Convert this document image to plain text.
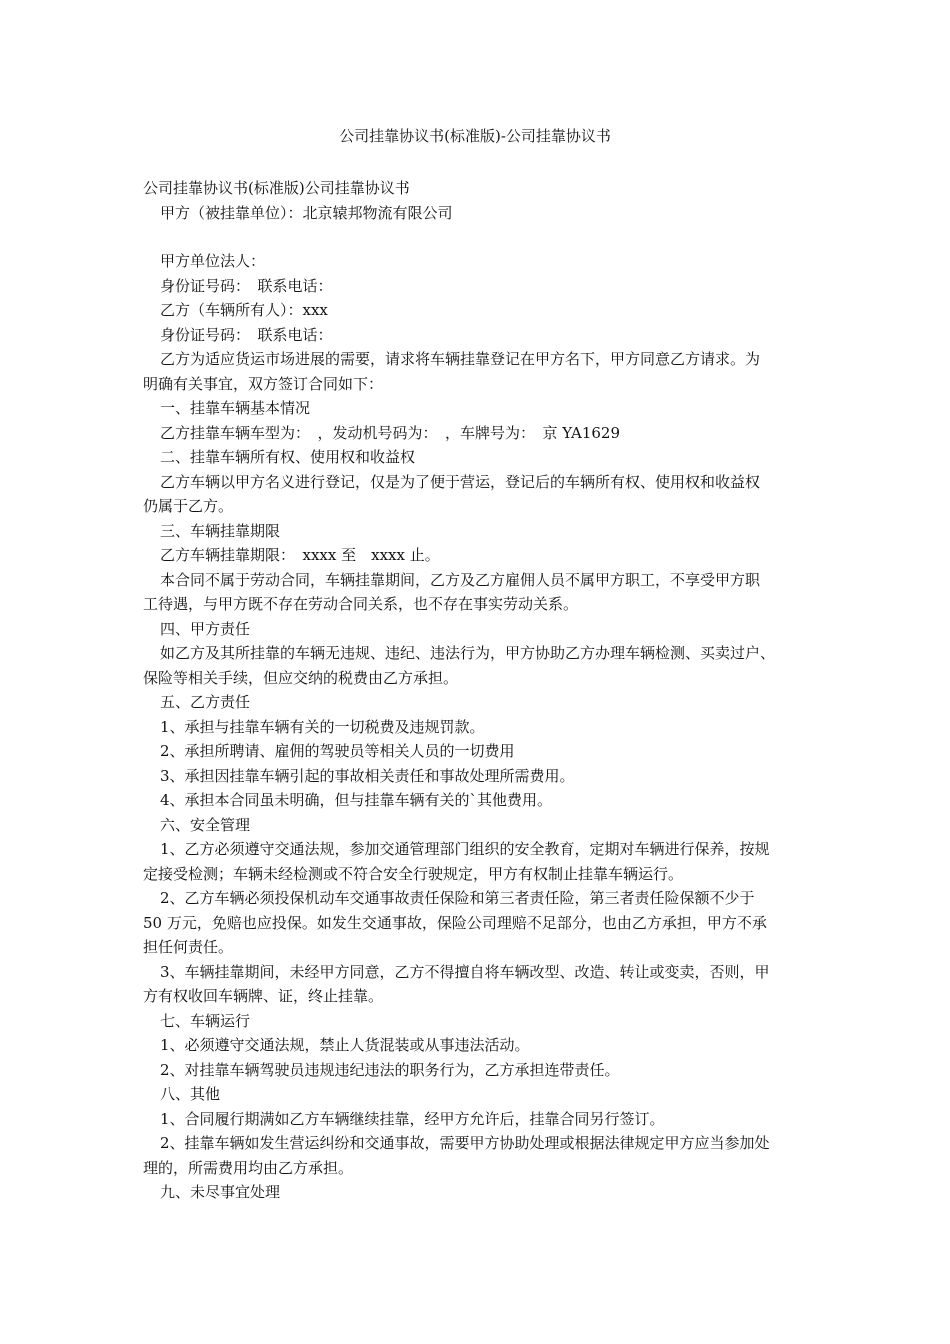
公司挂靠协议书(标准版)-公司挂靠协议书

公司挂靠协议书(标准版)公司挂靠协议书

甲方（被挂靠单位）：北京辕邦物流有限公司

甲方单位法人：

身份证号码：　联系电话：

乙方（车辆所有人）：xxx

身份证号码：　联系电话：

乙方为适应货运市场进展的需要，请求将车辆挂靠登记在甲方名下，甲方同意乙方请求。为

明确有关事宜，双方签订合同如下：

一、挂靠车辆基本情况

乙方挂靠车辆车型为：　，发动机号码为：　，车牌号为：　京 YA1629

二、挂靠车辆所有权、使用权和收益权

乙方车辆以甲方名义进行登记，仅是为了便于营运，登记后的车辆所有权、使用权和收益权

仍属于乙方。

三、车辆挂靠期限

乙方车辆挂靠期限：　xxxx 至　xxxx 止。

本合同不属于劳动合同，车辆挂靠期间，乙方及乙方雇佣人员不属甲方职工，不享受甲方职

工待遇，与甲方既不存在劳动合同关系，也不存在事实劳动关系。

四、甲方责任

如乙方及其所挂靠的车辆无违规、违纪、违法行为，甲方协助乙方办理车辆检测、买卖过户、

保险等相关手续，但应交纳的税费由乙方承担。

五、乙方责任

1、承担与挂靠车辆有关的一切税费及违规罚款。

2、承担所聘请、雇佣的驾驶员等相关人员的一切费用

3、承担因挂靠车辆引起的事故相关责任和事故处理所需费用。

4、承担本合同虽未明确，但与挂靠车辆有关的`其他费用。

六、安全管理

1、乙方必须遵守交通法规，参加交通管理部门组织的安全教育，定期对车辆进行保养，按规

定接受检测；车辆未经检测或不符合安全行驶规定，甲方有权制止挂靠车辆运行。

2、乙方车辆必须投保机动车交通事故责任保险和第三者责任险，第三者责任险保额不少于

50 万元，免赔也应投保。如发生交通事故，保险公司理赔不足部分，也由乙方承担，甲方不承

担任何责任。

3、车辆挂靠期间，未经甲方同意，乙方不得擅自将车辆改型、改造、转让或变卖，否则，甲

方有权收回车辆牌、证，终止挂靠。

七、车辆运行

1、必须遵守交通法规，禁止人货混装或从事违法活动。

2、对挂靠车辆驾驶员违规违纪违法的职务行为，乙方承担连带责任。

八、其他

1、合同履行期满如乙方车辆继续挂靠，经甲方允许后，挂靠合同另行签订。

2、挂靠车辆如发生营运纠纷和交通事故，需要甲方协助处理或根据法律规定甲方应当参加处

理的，所需费用均由乙方承担。

九、未尽事宜处理
